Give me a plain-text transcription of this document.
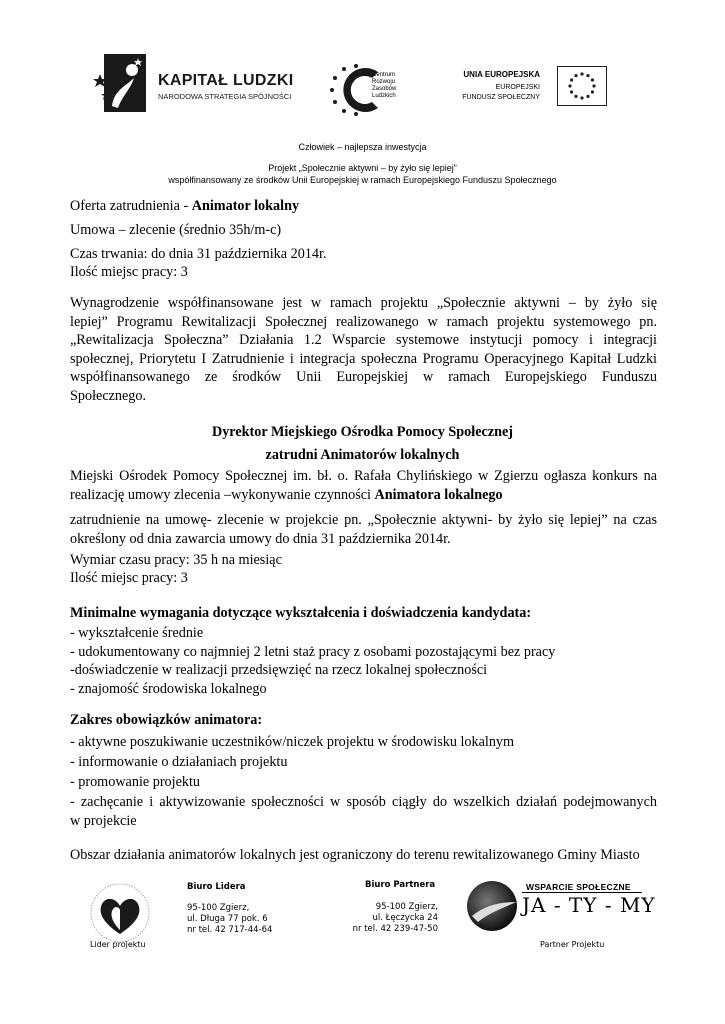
KAPITAŁ LUDZKI
NARODOWA STRATEGIA SPÓJNOŚCI
Centrum
Rozwoju
Zasobów
Ludzkich
UNIA EUROPEJSKA
EUROPEJSKI
FUNDUSZ SPOŁECZNY
Człowiek – najlepsza inwestycja
Projekt „Społecznie aktywni – by żyło się lepiej”
współfinansowany ze środków Unii Europejskiej w ramach Europejskiego Funduszu Społecznego
Oferta zatrudnienia - Animator lokalny
Umowa – zlecenie (średnio 35h/m-c)
Czas trwania: do dnia 31 października 2014r.
Ilość miejsc pracy: 3

Wynagrodzenie współfinansowane jest w ramach projektu „Społecznie aktywni – by żyło się

lepiej” Programu Rewitalizacji Społecznej realizowanego w ramach projektu systemowego pn.

„Rewitalizacja Społeczna” Działania 1.2 Wsparcie systemowe instytucji pomocy i integracji

społecznej, Priorytetu I Zatrudnienie i integracja społeczna Programu Operacyjnego Kapitał Ludzki

współfinansowanego ze środków Unii Europejskiej w ramach Europejskiego Funduszu

Społecznego.

Dyrektor Miejskiego Ośrodka Pomocy Społecznej
zatrudni Animatorów lokalnych

Miejski Ośrodek Pomocy Społecznej im. bł. o. Rafała Chylińskiego w Zgierzu ogłasza konkurs na

realizację umowy zlecenia –wykonywanie czynności Animatora lokalnego

zatrudnienie na umowę- zlecenie w projekcie pn. „Społecznie aktywni- by żyło się lepiej” na czas

określony od dnia zawarcia umowy do dnia 31 października 2014r.

Wymiar czasu pracy: 35 h na miesiąc
Ilość miejsc pracy: 3
Minimalne wymagania dotyczące wykształcenia i doświadczenia kandydata:

- wykształcenie średnie

- udokumentowany co najmniej 2 letni staż pracy z osobami pozostającymi bez pracy

-doświadczenie w realizacji przedsięwzięć na rzecz lokalnej społeczności

- znajomość środowiska lokalnego

Zakres obowiązków animatora:
- aktywne poszukiwanie uczestników/niczek projektu w środowisku lokalnym
- informowanie o działaniach projektu
- promowanie projektu

- zachęcanie i aktywizowanie społeczności w sposób ciągły do wszelkich działań podejmowanych

w projekcie

Obszar działania animatorów lokalnych jest ograniczony do terenu rewitalizowanego Gminy Miasto
Lider projektu
Biuro Lidera
95-100 Zgierz,
ul. Długa 77 pok. 6
nr tel. 42 717-44-64
Biuro Partnera
95-100 Zgierz,
ul. Łęczycka 24
nr tel. 42 239-47-50
WSPARCIE SPOŁECZNE
JA - TY - MY
Partner Projektu
